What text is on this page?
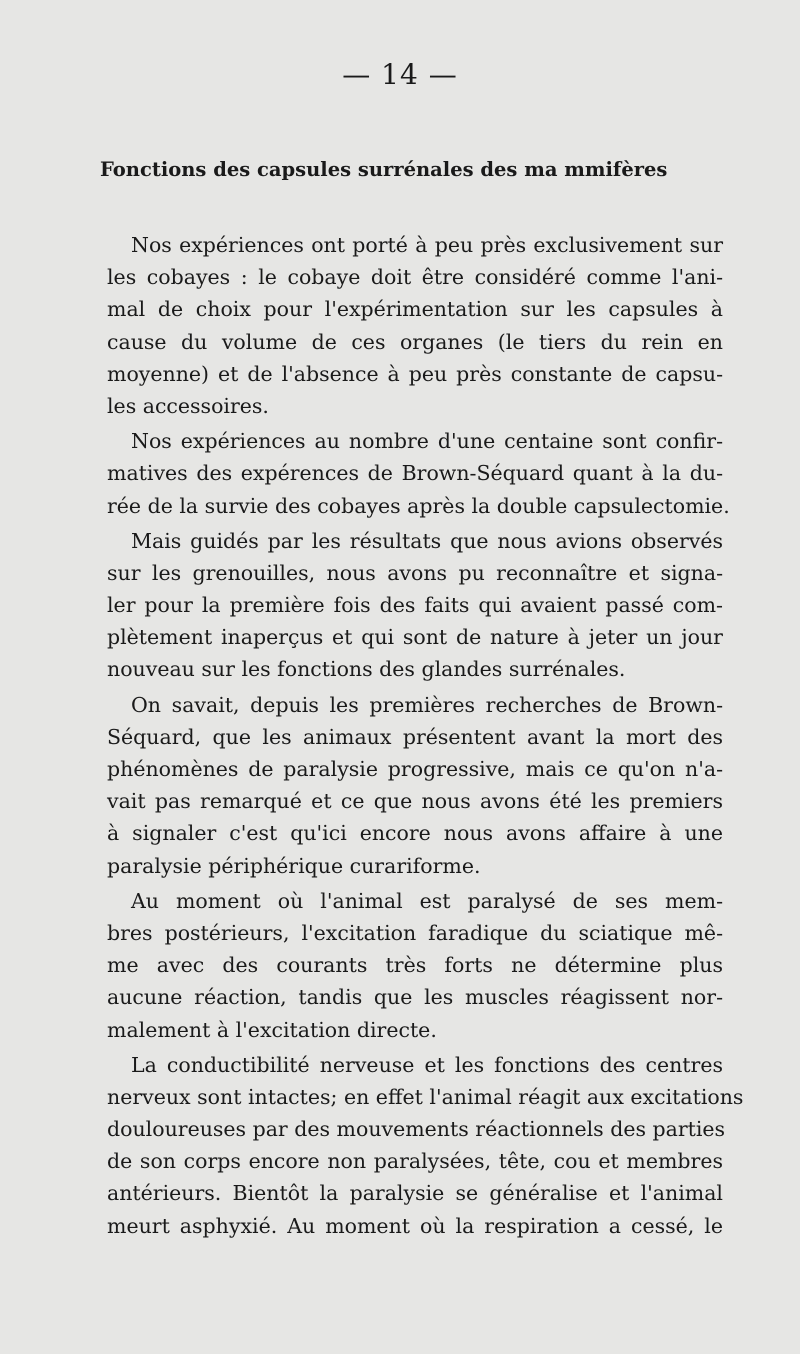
— 14 —
Fonctions des capsules surrénales des ma mmifères
Nos expériences ont porté à peu près exclusivement sur
les cobayes : le cobaye doit être considéré comme l'ani-
mal de choix pour l'expérimentation sur les capsules à
cause du volume de ces organes (le tiers du rein en
moyenne) et de l'absence à peu près constante de capsu-
les accessoires.
Nos expériences au nombre d'une centaine sont confir-
matives des expérences de Brown-Séquard quant à la du-
rée de la survie des cobayes après la double capsulectomie.
Mais guidés par les résultats que nous avions observés
sur les grenouilles, nous avons pu reconnaître et signa-
ler pour la première fois des faits qui avaient passé com-
plètement inaperçus et qui sont de nature à jeter un jour
nouveau sur les fonctions des glandes surrénales.
On savait, depuis les premières recherches de Brown-
Séquard, que les animaux présentent avant la mort des
phénomènes de paralysie progressive, mais ce qu'on n'a-
vait pas remarqué et ce que nous avons été les premiers
à signaler c'est qu'ici encore nous avons affaire à une
paralysie périphérique curariforme.
Au moment où l'animal est paralysé de ses mem-
bres postérieurs, l'excitation faradique du sciatique mê-
me avec des courants très forts ne détermine plus
aucune réaction, tandis que les muscles réagissent nor-
malement à l'excitation directe.
La conductibilité nerveuse et les fonctions des centres
nerveux sont intactes; en effet l'animal réagit aux excitations
douloureuses par des mouvements réactionnels des parties
de son corps encore non paralysées, tête, cou et membres
antérieurs. Bientôt la paralysie se généralise et l'animal
meurt asphyxié. Au moment où la respiration a cessé, le
